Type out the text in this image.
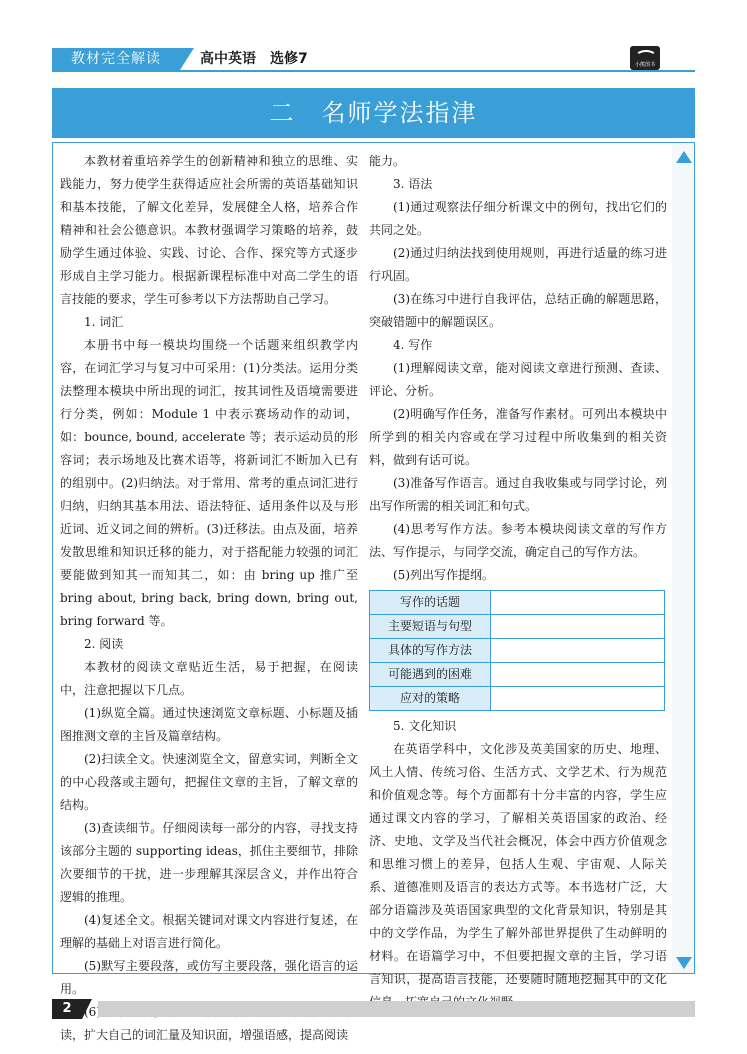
教材完全解读	高中英语　选修7	小熊图书
二　名师学法指津

本教材着重培养学生的创新精神和独立的思维、实践能力，努力使学生获得适应社会所需的英语基础知识和基本技能，了解文化差异，发展健全人格，培养合作精神和社会公德意识。本教材强调学习策略的培养，鼓励学生通过体验、实践、讨论、合作、探究等方式逐步形成自主学习能力。根据新课程标准中对高二学生的语言技能的要求，学生可参考以下方法帮助自己学习。

1. 词汇

本册书中每一模块均围绕一个话题来组织教学内容，在词汇学习与复习中可采用：(1)分类法。运用分类法整理本模块中所出现的词汇，按其词性及语境需要进行分类，例如：Module 1 中表示赛场动作的动词，如：bounce, bound, accelerate 等；表示运动员的形容词；表示场地及比赛术语等，将新词汇不断加入已有的组别中。(2)归纳法。对于常用、常考的重点词汇进行归纳，归纳其基本用法、语法特征、适用条件以及与形近词、近义词之间的辨析。(3)迁移法。由点及面，培养发散思维和知识迁移的能力，对于搭配能力较强的词汇要能做到知其一而知其二，如：由 bring up 推广至 bring about, bring back, bring down, bring out, bring forward 等。

2. 阅读

本教材的阅读文章贴近生活，易于把握，在阅读中，注意把握以下几点。

(1)纵览全篇。通过快速浏览文章标题、小标题及插图推测文章的主旨及篇章结构。

(2)扫读全文。快速浏览全文，留意实词，判断全文的中心段落或主题句，把握住文章的主旨，了解文章的结构。

(3)查读细节。仔细阅读每一部分的内容，寻找支持该部分主题的 supporting ideas，抓住主要细节，排除次要细节的干扰，进一步理解其深层含义，并作出符合逻辑的推理。

(4)复述全文。根据关键词对课文内容进行复述，在理解的基础上对语言进行简化。

(5)默写主要段落，或仿写主要段落，强化语言的运用。

6 读，扩大自己的词汇量及知识面，增强语感，提高阅读

能力。

3. 语法

(1)通过观察法仔细分析课文中的例句，找出它们的共同之处。

(2)通过归纳法找到使用规则，再进行适量的练习进行巩固。

(3)在练习中进行自我评估，总结正确的解题思路，突破错题中的解题误区。

4. 写作

(1)理解阅读文章，能对阅读文章进行预测、查读、评论、分析。

(2)明确写作任务，准备写作素材。可列出本模块中所学到的相关内容或在学习过程中所收集到的相关资料，做到有话可说。

(3)准备写作语言。通过自我收集或与同学讨论，列出写作所需的相关词汇和句式。

(4)思考写作方法。参考本模块阅读文章的写作方法、写作提示，与同学交流，确定自己的写作方法。

(5)列出写作提纲。

写作的话题	
主要短语与句型	
具体的写作方法	
可能遇到的困难	
应对的策略	

5. 文化知识

在英语学科中，文化涉及英美国家的历史、地理、风土人情、传统习俗、生活方式、文学艺术、行为规范和价值观念等。每个方面都有十分丰富的内容，学生应通过课文内容的学习，了解相关英语国家的政治、经济、史地、文学及当代社会概况，体会中西方价值观念和思维习惯上的差异，包括人生观、宇宙观、人际关系、道德准则及语言的表达方式等。本书选材广泛，大部分语篇涉及英语国家典型的文化背景知识，特别是其中的文学作品，为学生了解外部世界提供了生动鲜明的材料。在语篇学习中，不但要把握文章的主旨，学习语言知识，提高语言技能，还要随时随地挖掘其中的文化

2
